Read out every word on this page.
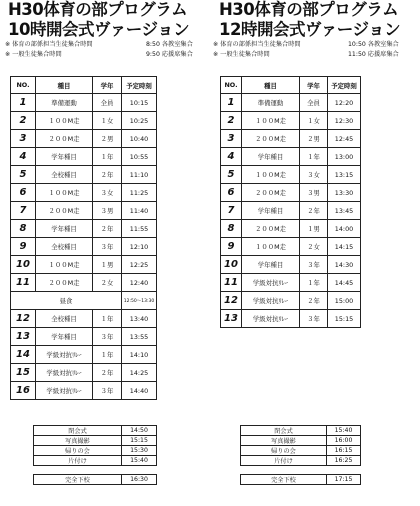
H30体育の部プログラム
10時開会式ヴァージョン
※ 体育の部係担当生徒集合時間	8:50 各教室集合
※ 一般生徒集合時間	9:50 応援席集合
NO.	種目	学年	予定時刻
1	準備運動	全員	10:15
2	１００M走	１女	10:25
3	２００M走	２男	10:40
4	学年種目	１年	10:55
5	全校種目	２年	11:10
6	１００M走	３女	11:25
7	２００M走	３男	11:40
8	学年種目	２年	11:55
9	全校種目	３年	12:10
10	１００M走	１男	12:25
11	２００M走	２女	12:40
昼食			12:50～13:30
12	全校種目	１年	13:40
13	学年種目	３年	13:55
14	学級対抗ﾘﾚｰ	１年	14:10
15	学級対抗ﾘﾚｰ	２年	14:25
16	学級対抗ﾘﾚｰ	３年	14:40
閉会式	14:50
写真撮影	15:15
帰りの会	15:30
片付け	15:40

完全下校	16:30
H30体育の部プログラム
12時開会式ヴァージョン
※ 体育の部係担当生徒集合時間	10:50 各教室集合
※ 一般生徒集合時間	11:50 応援席集合
NO.	種目	学年	予定時刻
1	準備運動	全員	12:20
2	１００M走	１女	12:30
3	２００M走	２男	12:45
4	学年種目	１年	13:00
5	１００M走	３女	13:15
6	２００M走	３男	13:30
7	学年種目	２年	13:45
8	２００M走	１男	14:00
9	１００M走	２女	14:15
10	学年種目	３年	14:30
11	学級対抗ﾘﾚｰ	１年	14:45
12	学級対抗ﾘﾚｰ	２年	15:00
13	学級対抗ﾘﾚｰ	３年	15:15
閉会式	15:40
写真撮影	16:00
帰りの会	16:15
片付け	16:25

完全下校	17:15
